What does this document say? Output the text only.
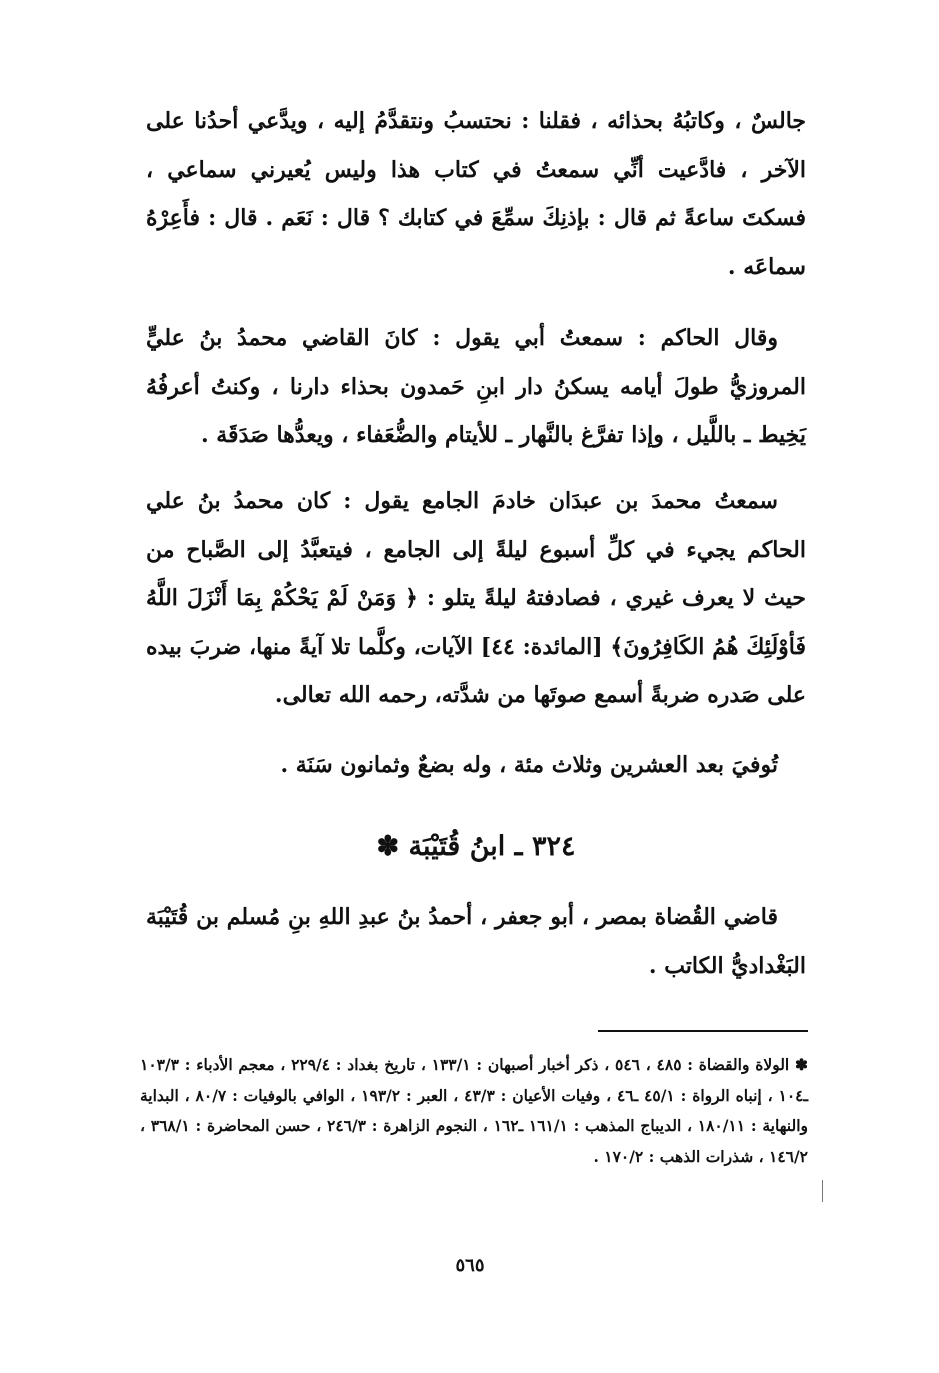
جالسٌ ، وكاتبُهُ بحذائه ، فقلنا : نحتسبُ ونتقدَّمُ إليه ، ويدَّعي أحدُنا على الآخر ، فادَّعيت أنِّي سمعتُ في كتاب هذا وليس يُعيرني سماعي ، فسكتَ ساعةً ثم قال : بإذنِكَ سمِّعَ في كتابك ؟ قال : نَعَم . قال : فأَعِرْهُ سماعَه .

وقال الحاكم : سمعتُ أبي يقول : كانَ القاضي محمدُ بنُ عليٍّ المروزيُّ طولَ أيامه يسكنُ دار ابنِ حَمدون بحذاء دارنا ، وكنتُ أعرفُهُ يَخِيط ـ باللَّيل ، وإذا تفرَّغ بالنَّهار ـ للأيتام والضُّعَفاء ، ويعدُّها صَدَقَة .

سمعتُ محمدَ بن عبدَان خادمَ الجامع يقول : كان محمدُ بنُ علي الحاكم يجيء في كلِّ أسبوع ليلةً إلى الجامع ، فيتعبَّدُ إلى الصَّباح من حيث لا يعرف غيري ، فصادفتهُ ليلةً يتلو : ﴿ وَمَنْ لَمْ يَحْكُمْ بِمَا أَنْزَلَ اللَّهُ فَأوْلَئِكَ هُمُ الكَافِرُونَ﴾ [المائدة: ٤٤] الآيات، وكلَّما تلا آيةً منها، ضربَ بيده على صَدره ضربةً أسمع صوتَها من شدَّته، رحمه الله تعالى.

تُوفيَ بعد العشرين وثلاث مئة ، وله بضعٌ وثمانون سَنَة .

٣٢٤ ـ ابنُ قُتَيْبَة ✽

قاضي القُضاة بمصر ، أبو جعفر ، أحمدُ بنُ عبدِ اللهِ بنِ مُسلم بن قُتَيْبَة البَغْداديُّ الكاتب .

✽ الولاة والقضاة : ٤٨٥ ، ٥٤٦ ، ذكر أخبار أصبهان : ١٣٣/١ ، تاريخ بغداد : ٢٢٩/٤ ، معجم الأدباء : ١٠٣/٣ ـ١٠٤ ، إنباه الرواة : ٤٥/١ ـ٤٦ ، وفيات الأعيان : ٤٣/٣ ، العبر : ١٩٣/٢ ، الوافي بالوفيات : ٨٠/٧ ، البداية والنهاية : ١٨٠/١١ ، الديباج المذهب : ١٦١/١ ـ١٦٢ ، النجوم الزاهرة : ٢٤٦/٣ ، حسن المحاضرة : ٣٦٨/١ ، ١٤٦/٢ ، شذرات الذهب : ١٧٠/٢ .

٥٦٥
